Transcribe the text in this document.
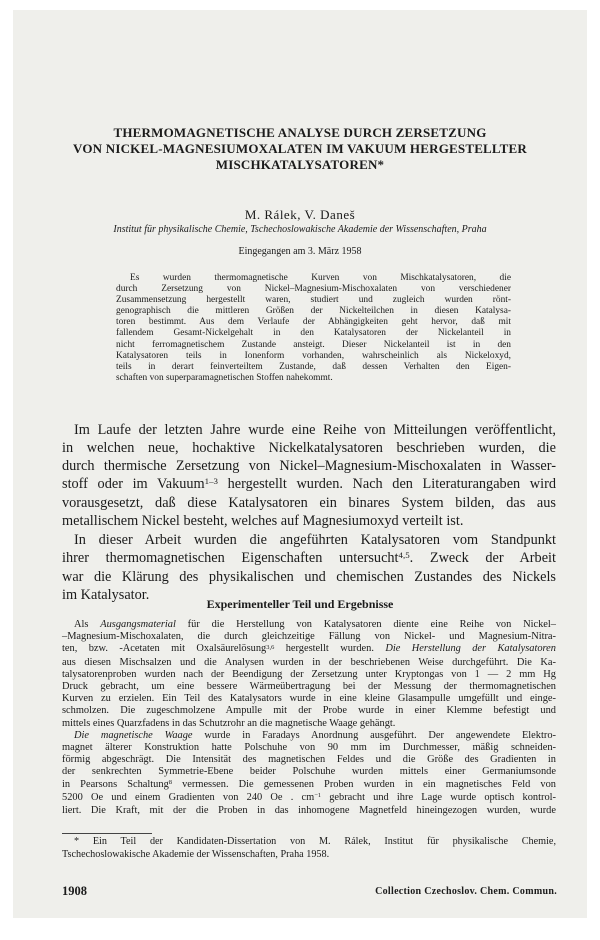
THERMOMAGNETISCHE ANALYSE DURCH ZERSETZUNG
VON NICKEL-MAGNESIUMOXALATEN IM VAKUUM HERGESTELLTER
MISCHKATALYSATOREN*
M. Rálek, V. Daneš
Institut für physikalische Chemie, Tschechoslowakische Akademie der Wissenschaften, Praha
Eingegangen am 3. März 1958
Es wurden thermomagnetische Kurven von Mischkatalysatoren, die
durch Zersetzung von Nickel–Magnesium-Mischoxalaten von verschiedener
Zusammensetzung hergestellt waren, studiert und zugleich wurden rönt-
genographisch die mittleren Größen der Nickelteilchen in diesen Katalysa-
toren bestimmt. Aus dem Verlaufe der Abhängigkeiten geht hervor, daß mit
fallendem Gesamt-Nickelgehalt in den Katalysatoren der Nickelanteil in
nicht ferromagnetischem Zustande ansteigt. Dieser Nickelanteil ist in den
Katalysatoren teils in Ionenform vorhanden, wahrscheinlich als Nickeloxyd,
teils in derart feinverteiltem Zustande, daß dessen Verhalten den Eigen-
schaften von superparamagnetischen Stoffen nahekommt.
Im Laufe der letzten Jahre wurde eine Reihe von Mitteilungen veröffentlicht,
in welchen neue, hochaktive Nickelkatalysatoren beschrieben wurden, die
durch thermische Zersetzung von Nickel–Magnesium-Mischoxalaten in Wasser-
stoff oder im Vakuum$^{1-3}$ hergestellt wurden. Nach den Literaturangaben wird
vorausgesetzt, daß diese Katalysatoren ein binares System bilden, das aus
metallischem Nickel besteht, welches auf Magnesiumoxyd verteilt ist.
In dieser Arbeit wurden die angeführten Katalysatoren vom Standpunkt
ihrer thermomagnetischen Eigenschaften untersucht$^{4,5}$. Zweck der Arbeit
war die Klärung des physikalischen und chemischen Zustandes des Nickels
im Katalysator.
Experimenteller Teil und Ergebnisse
Als Ausgangsmaterial für die Herstellung von Katalysatoren diente eine Reihe von Nickel–
–Magnesium-Mischoxalaten, die durch gleichzeitige Fällung von Nickel- und Magnesium-Nitra-
ten, bzw. -Acetaten mit Oxalsäurelösung$^{3,6}$ hergestellt wurden. Die Herstellung der Katalysatoren
aus diesen Mischsalzen und die Analysen wurden in der beschriebenen Weise durchgeführt. Die Ka-
talysatorenproben wurden nach der Beendigung der Zersetzung unter Kryptongas von 1 — 2 mm Hg
Druck gebracht, um eine bessere Wärmeübertragung bei der Messung der thermomagnetischen
Kurven zu erzielen. Ein Teil des Katalysators wurde in eine kleine Glasampulle umgefüllt und einge-
schmolzen. Die zugeschmolzene Ampulle mit der Probe wurde in einer Klemme befestigt und
mittels eines Quarzfadens in das Schutzrohr an die magnetische Waage gehängt.
Die magnetische Waage wurde in Faradays Anordnung ausgeführt. Der angewendete Elektro-
magnet älterer Konstruktion hatte Polschuhe von 90 mm im Durchmesser, mäßig schneiden-
förmig abgeschrägt. Die Intensität des magnetischen Feldes und die Größe des Gradienten in
der senkrechten Symmetrie-Ebene beider Polschuhe wurden mittels einer Germaniumsonde
in Pearsons Schaltung$^8$ vermessen. Die gemessenen Proben wurden in ein magnetisches Feld von
5200 Oe und einem Gradienten von 240 Oe . $cm^{-1}$ gebracht und ihre Lage wurde optisch kontrol-
liert. Die Kraft, mit der die Proben in das inhomogene Magnetfeld hineingezogen wurden, wurde
* Ein Teil der Kandidaten-Dissertation von M. Rálek, Institut für physikalische Chemie,
Tschechoslowakische Akademie der Wissenschaften, Praha 1958.
1908	Collection Czechoslov. Chem. Commun.
